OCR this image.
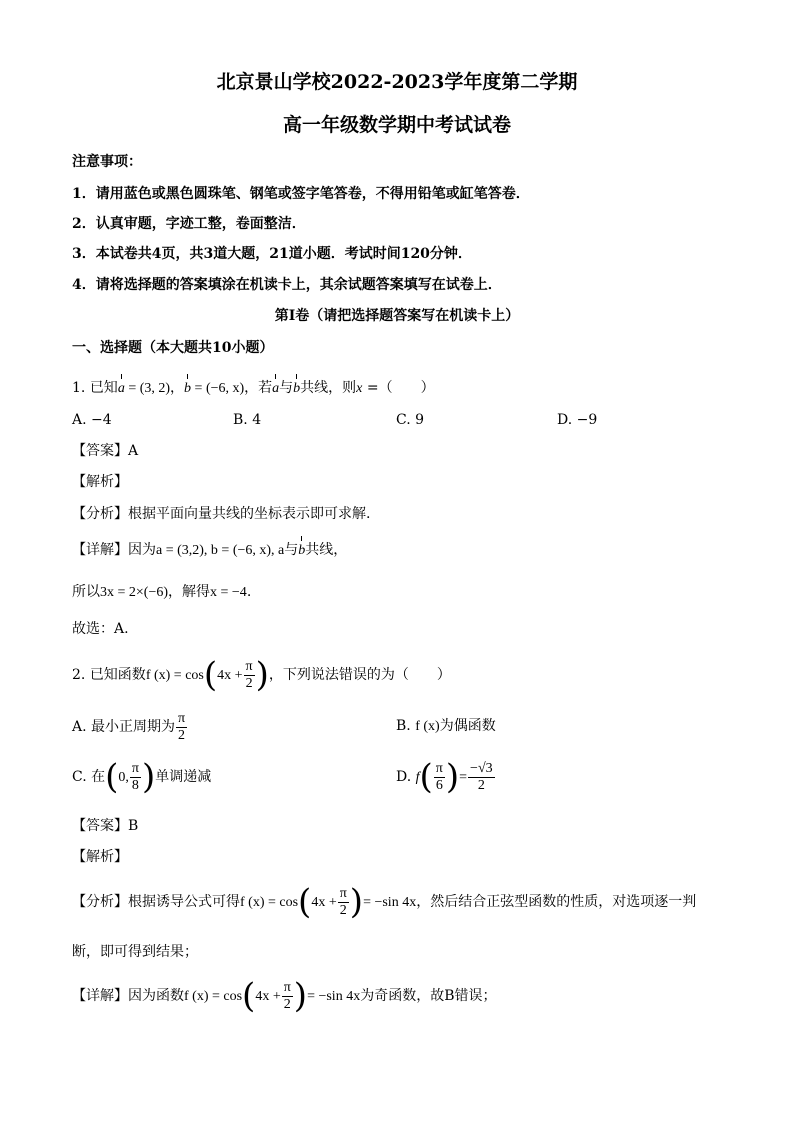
北京景山学校2022-2023学年度第二学期
高一年级数学期中考试试卷
注意事项：
1．请用蓝色或黑色圆珠笔、钢笔或签字笔答卷，不得用铅笔或缸笔答卷．
2．认真审题，字迹工整，卷面整洁．
3．本试卷共4页，共3道大题，21道小题．考试时间120分钟．
4．请将选择题的答案填涂在机读卡上，其余试题答案填写在试卷上．
第I卷（请把选择题答案写在机读卡上）
一、选择题（本大题共10小题）
1. 已知a = (3, 2)，b = (−6, x)，若a与b共线，则x =（　　）
A. −4	B. 4	C. 9	D. −9
【答案】A
【解析】
【分析】根据平面向量共线的坐标表示即可求解.
【详解】因为a = (3,2), b = (−6, x), a与b共线，
所以3x = 2×(−6)，解得x = −4.
故选：A.
2. 已知函数f $(x) = \cos(4x + \frac{\pi}{2}$ )，下列说法错误的为（　　）
A. 最小正周期为 $\frac{\pi}{2}$	B. f (x)为偶函数
C. 在(0, $\frac{\pi}{8}$ )单调递减	D. $f( \frac{\pi}{6}$ )= $\frac{-√3}{2}$
【答案】B
【解析】
【分析】根据诱导公式可得f $(x) = \cos(4x + \frac{\pi}{2}$ )= −sin 4x，然后结合正弦型函数的性质，对选项逐一判
断，即可得到结果；
【详解】因为函数f $(x) = \cos(4x + \frac{\pi}{2}$ )= −sin 4x为奇函数，故B错误；
